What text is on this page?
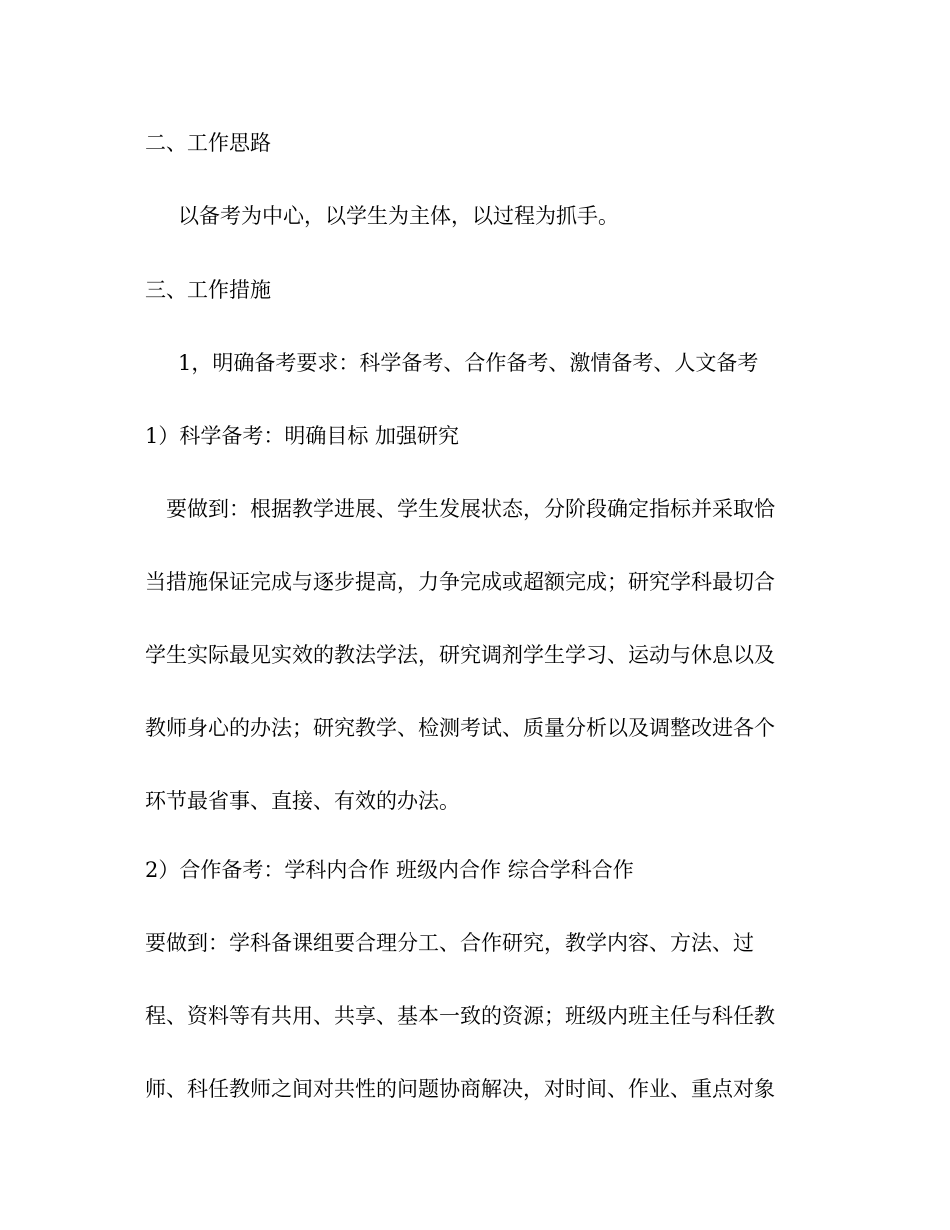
二、工作思路
以备考为中心，以学生为主体，以过程为抓手。
三、工作措施
1，明确备考要求：科学备考、合作备考、激情备考、人文备考
1）科学备考：明确目标 加强研究
要做到：根据教学进展、学生发展状态，分阶段确定指标并采取恰
当措施保证完成与逐步提高，力争完成或超额完成；研究学科最切合
学生实际最见实效的教法学法，研究调剂学生学习、运动与休息以及
教师身心的办法；研究教学、检测考试、质量分析以及调整改进各个
环节最省事、直接、有效的办法。
2）合作备考：学科内合作 班级内合作 综合学科合作
要做到：学科备课组要合理分工、合作研究，教学内容、方法、过
程、资料等有共用、共享、基本一致的资源；班级内班主任与科任教
师、科任教师之间对共性的问题协商解决，对时间、作业、重点对象
